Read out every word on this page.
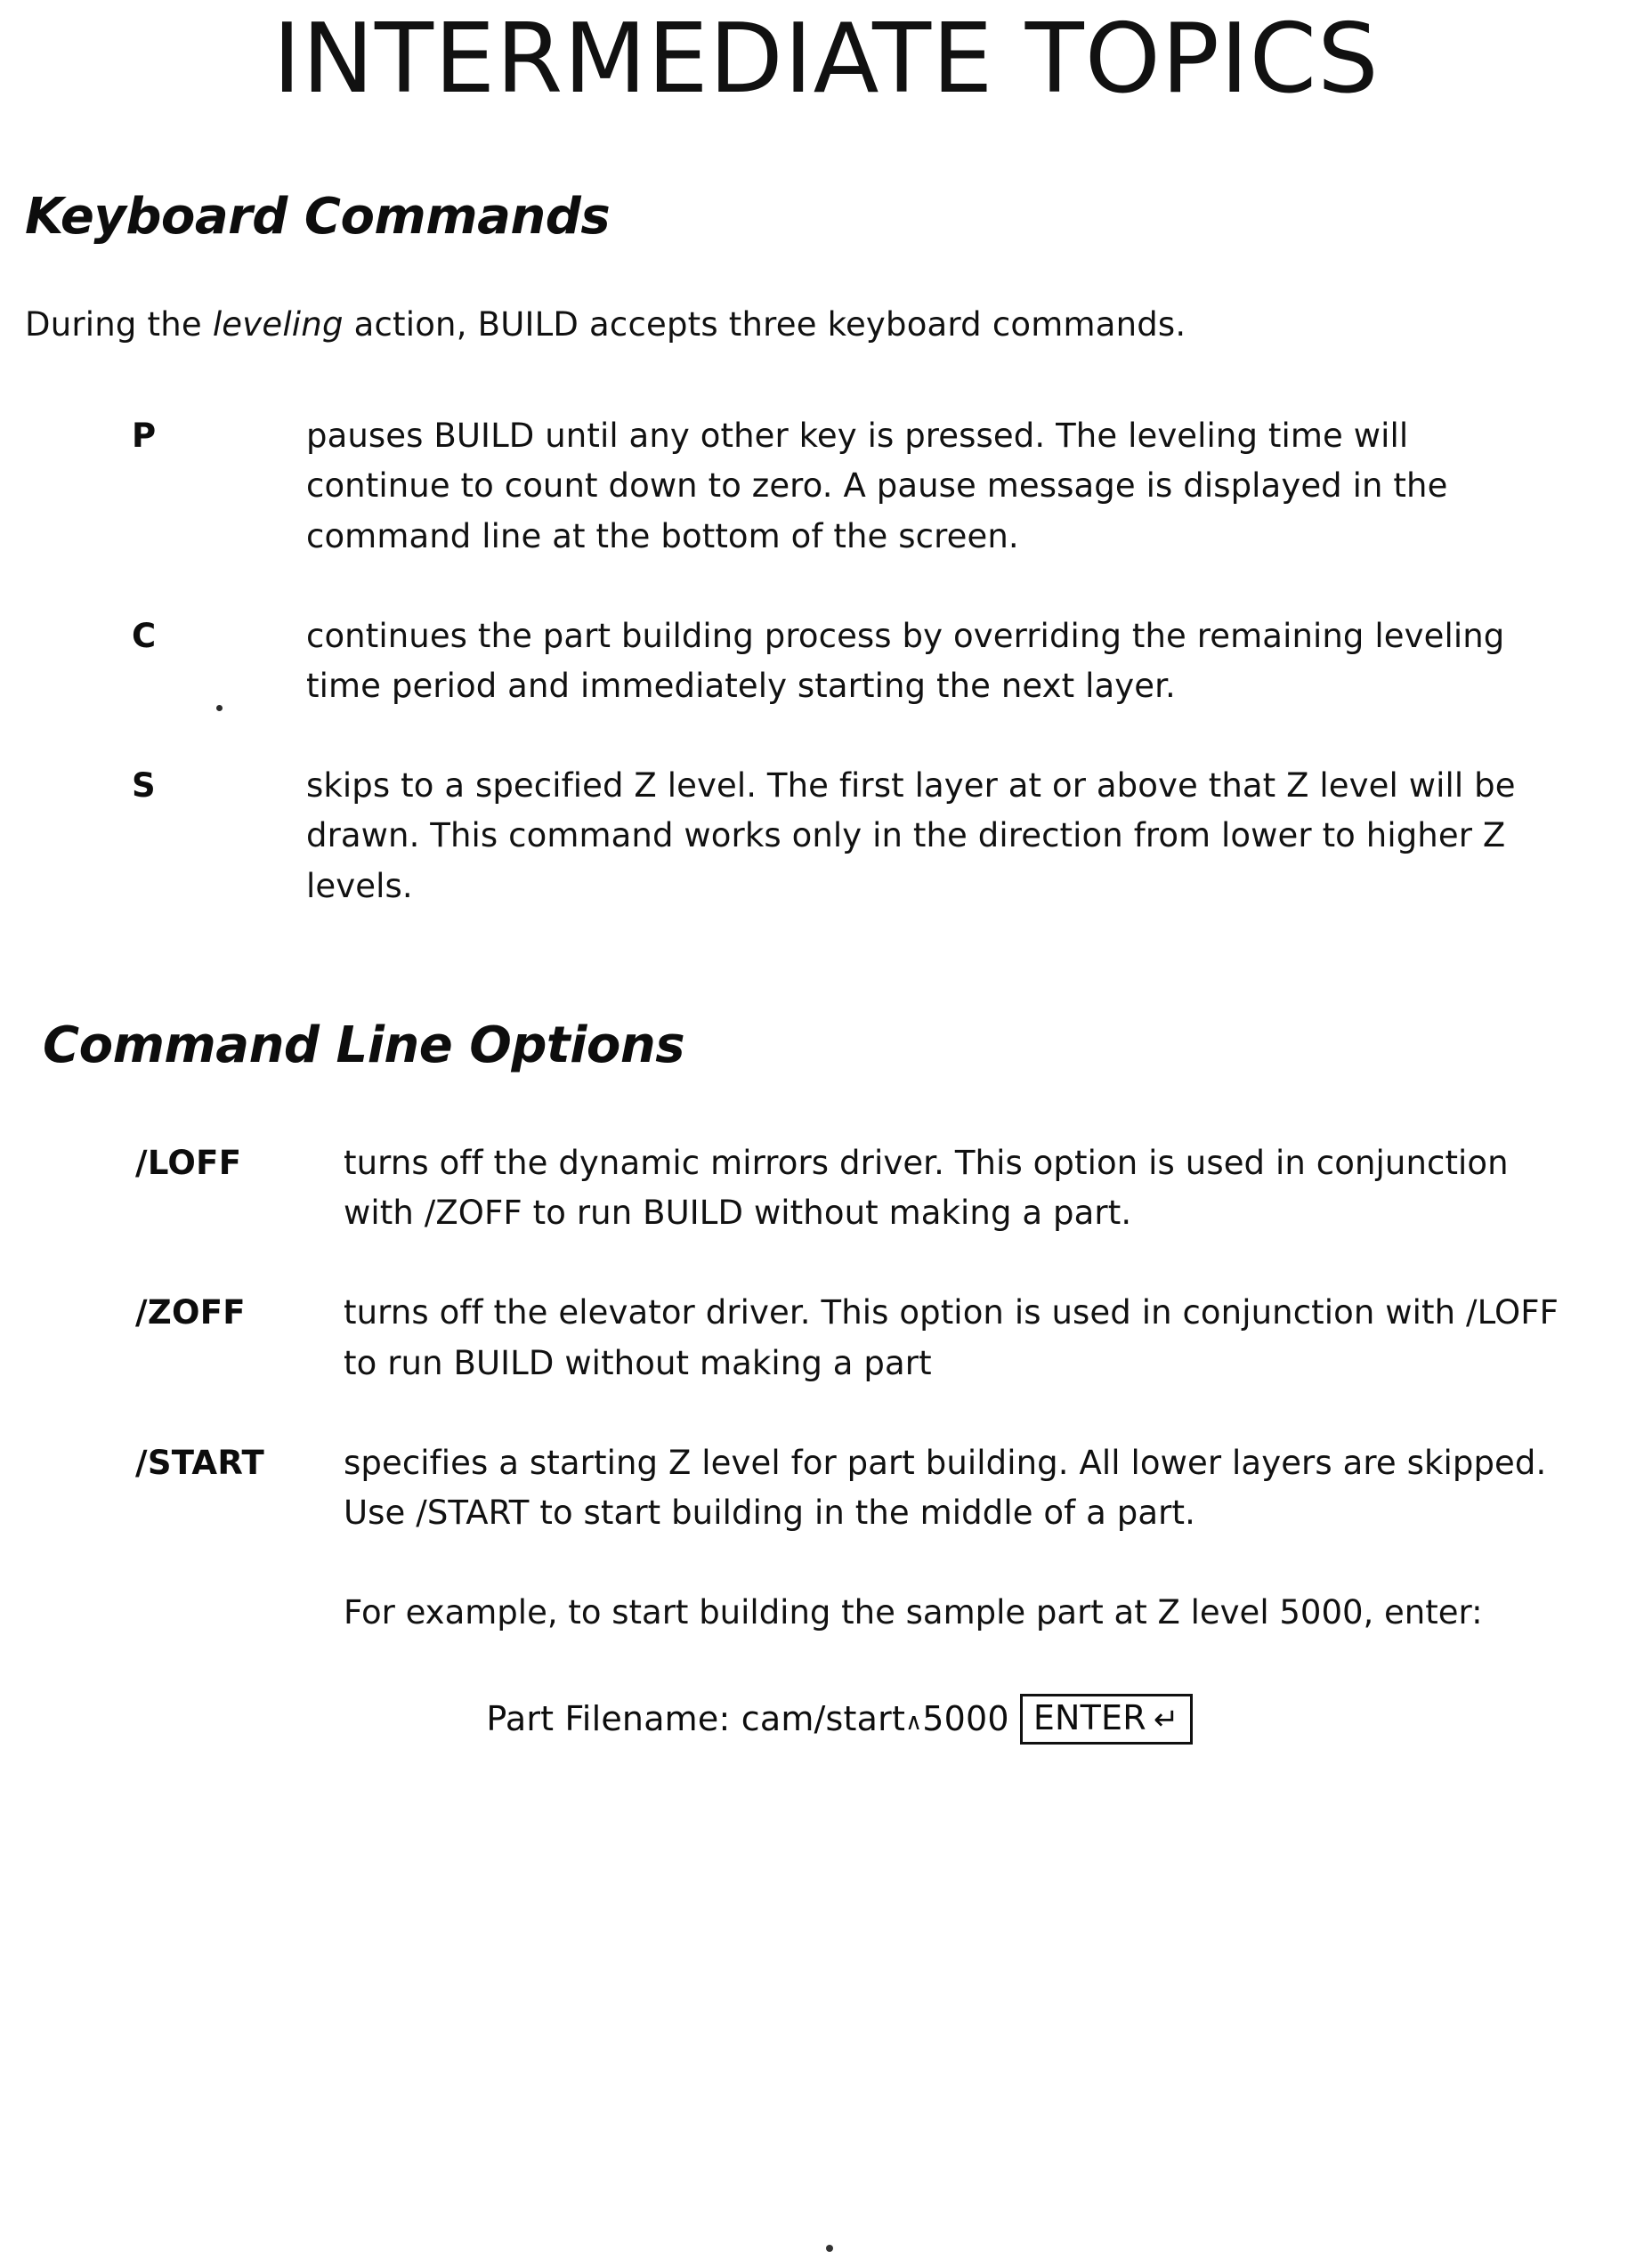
INTERMEDIATE TOPICS
Keyboard Commands

During the leveling action, BUILD accepts three keyboard commands.

P	pauses BUILD until any other key is pressed. The leveling time will continue to count down to zero. A pause message is displayed in the command line at the bottom of the screen.
C	continues the part building process by overriding the remaining leveling time period and immediately starting the next layer.
S	skips to a specified Z level. The first layer at or above that Z level will be drawn. This command works only in the direction from lower to higher Z levels.
Command Line Options
/LOFF	turns off the dynamic mirrors driver. This option is used in conjunction with /ZOFF to run BUILD without making a part.
/ZOFF	turns off the elevator driver. This option is used in conjunction with /LOFF to run BUILD without making a part
/START	specifies a starting Z level for part building. All lower layers are skipped. Use /START to start building in the middle of a part.

For example, to start building the sample part at Z level 5000, enter:

Part Filename: cam/start ∧ 5000 ENTER ↵
